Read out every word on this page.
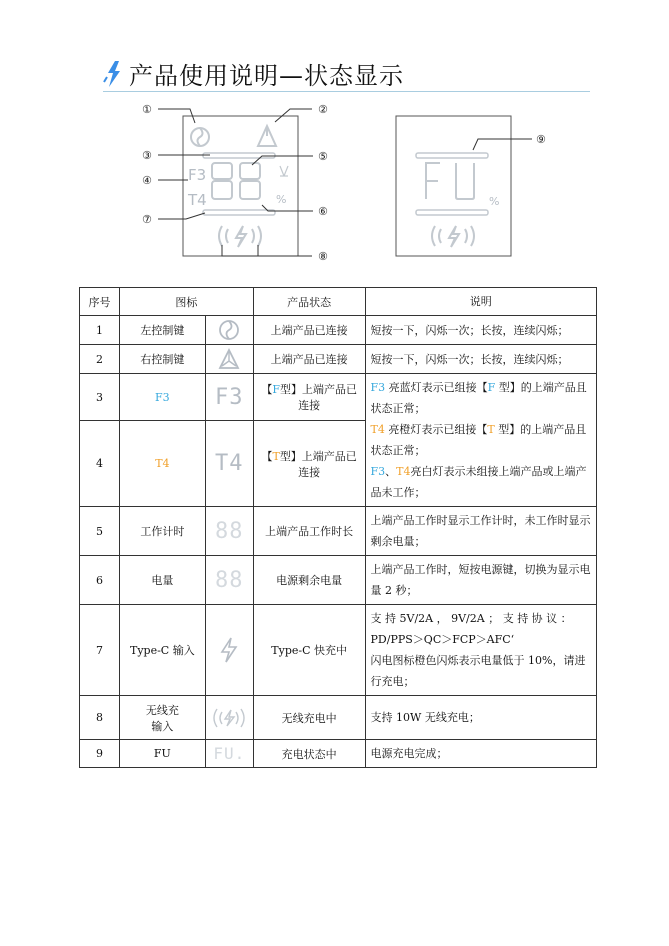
产品使用说明—状态显示
F3
T4	%
①	②
③
④
⑤
⑥
⑦
⑧
%
⑨
序号	图标		产品状态	说明
1	左控制键		上端产品已连接	短按一下，闪烁一次；长按，连续闪烁；
2	右控制键		上端产品已连接	短按一下，闪烁一次；长按，连续闪烁；
3	F3	F3	【F型】上端产品已连接	F3 亮蓝灯表示已组接【F 型】的上端产品且状态正常；
T4 亮橙灯表示已组接【T 型】的上端产品且状态正常；
F3、T4亮白灯表示未组接上端产品或上端产品未工作；
4	T4	T4	【T型】上端产品已连接	
5	工作计时	88	上端产品工作时长	上端产品工作时显示工作计时，未工作时显示剩余电量；
6	电量	88	电源剩余电量	上端产品工作时，短按电源键，切换为显示电量 2 秒；
7	Type-C 输入		Type-C 快充中	支 持 5V/2A ， 9V/2A ； 支 持 协 议 ： PD/PPS＞QC＞FCP＞AFC‘
闪电图标橙色闪烁表示电量低于 10%，请进行充电；
8	无线充
输入		无线充电中	支持 10W 无线充电；
9	FU	FU.	充电状态中	电源充电完成；
